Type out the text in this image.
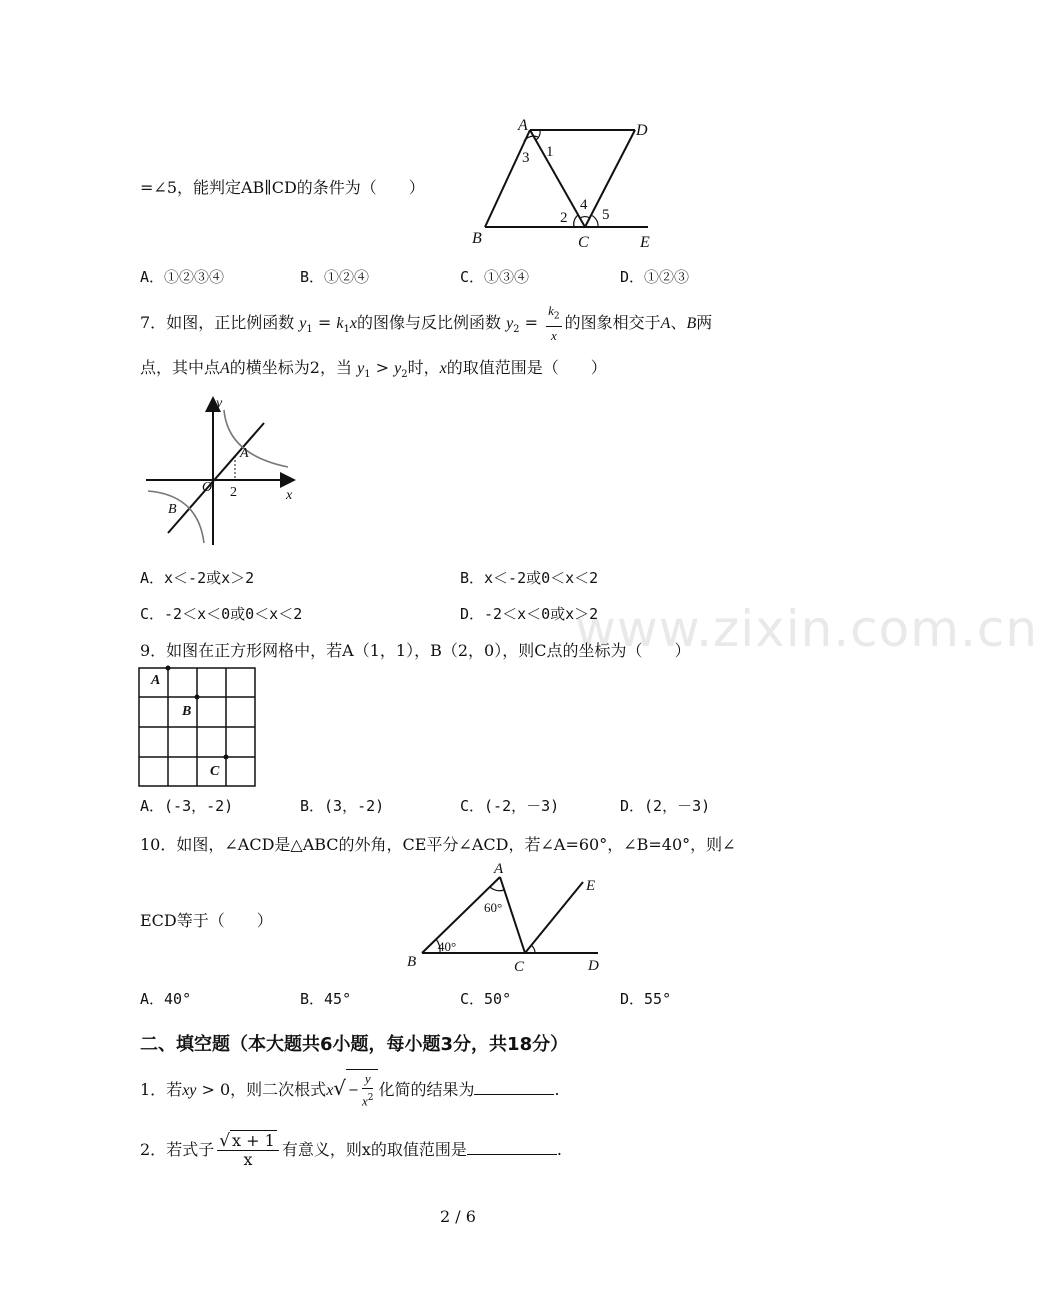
www.zixin.com.cn
=∠5，能判定AB∥CD的条件为（　　）
A	D
B	C	E
1
3
2
4
5
A．①②③④	B．①②④	C．①③④	D．①②③
7．如图，正比例函数 $y_1 = k_1x$的图像与反比例函数 $y_2 = \frac{k_2}{x}$ 的图象相交于A、B两
点，其中点A的横坐标为2，当 $y_1 > y_2$时，x的取值范围是（　　）
y
x
O
A
B
2
A．x＜-2或x＞2	B．x＜-2或0＜x＜2
C．-2＜x＜0或0＜x＜2	D．-2＜x＜0或x＞2
9．如图在正方形网格中，若A（1，1），B（2，0），则C点的坐标为（　　）
A
B
C
A．(-3，-2)	B．(3，-2)	C．(-2，－3)	D．(2，－3)
10．如图，∠ACD是△ABC的外角，CE平分∠ACD，若∠A=60°，∠B=40°，则∠
ECD等于（　　）
A
B	C	D
E
60°
40°
A．40°	B．45°	C．50°	D．55°
二、填空题（本大题共6小题，每小题3分，共18分）
1．若xy > 0，则二次根式$x√ - \frac{y}{x^2}$ 化简的结果为	.
2．若式子 $\frac{√ x + 1}{x}$ 有意义，则x的取值范围是	.
2 / 6
